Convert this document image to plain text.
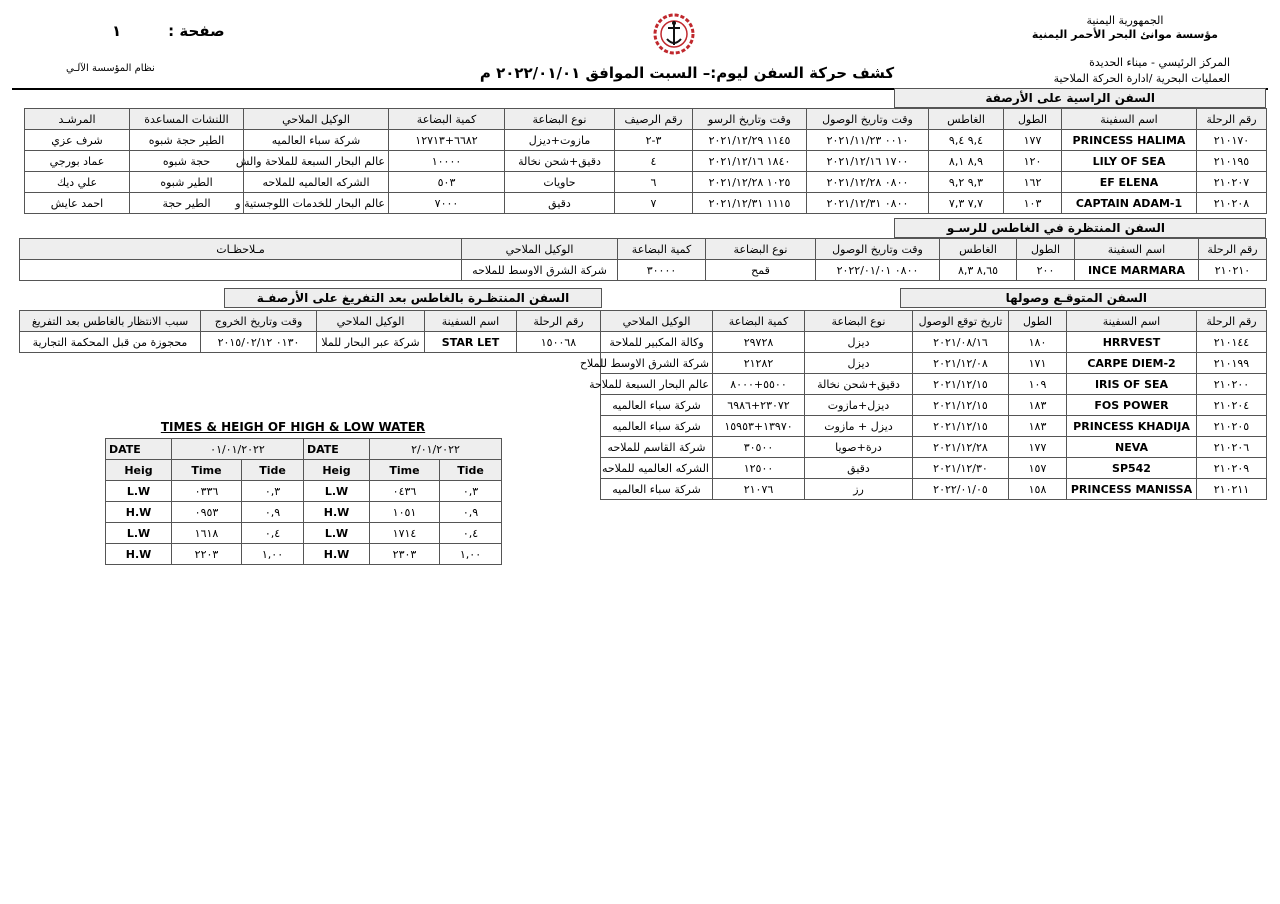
الجمهورية اليمنية
مؤسسة موانئ البحر الأحمر اليمنية
المركز الرئيسي - ميناء الحديدة
العمليات البحرية /ادارة الحركة الملاحية
صفحة :         ١
نظام المؤسسة الآلـي	كشف حركة السفن ليوم:– السبت الموافق ٢٠٢٢/٠١/٠١ م
السفن الراسية على الأرصفة
رقم الرحلة	اسم السفينة	الطول	الغاطس	وقت وتاريخ الوصول	وقت وتاريخ الرسو	رقم الرصيف	نوع البضاعة	كمية البضاعة	الوكيل الملاحي	اللنشات المساعدة	المرشـد
٢١٠١٧٠	PRINCESS HALIMA	١٧٧	٩,٤ ٩,٤	٠٠١٠ ٢٠٢١/١١/٢٣	١١٤٥ ٢٠٢١/١٢/٢٩	٣-٢	مازوت+ديزل	٦٦٨٢+١٢٧١٣	شركة سباء العالميه	الطير حجة شبوه	شرف عزي
٢١٠١٩٥	LILY OF SEA	١٢٠	٨,٩ ٨,١	١٧٠٠ ٢٠٢١/١٢/١٦	١٨٤٠ ٢٠٢١/١٢/١٦	٤	دقيق+شحن نخالة	١٠٠٠٠	عالم البحار السبعة للملاحة والش	حجة شبوه	عماد بورجي
٢١٠٢٠٧	EF ELENA	١٦٢	٩,٣ ٩,٢	٠٨٠٠ ٢٠٢١/١٢/٢٨	١٠٢٥ ٢٠٢١/١٢/٢٨	٦	حاويات	٥٠٣	الشركه العالميه للملاحه	الطير شبوه	علي ديك
٢١٠٢٠٨	CAPTAIN ADAM-1	١٠٣	٧,٧ ٧,٣	٠٨٠٠ ٢٠٢١/١٢/٣١	١١١٥ ٢٠٢١/١٢/٣١	٧	دقيق	٧٠٠٠	عالم البحار للخدمات اللوجستية و	الطير حجة	احمد عايش
السفن المنتظرة في الغاطس للرسـو
رقم الرحلة	اسم السفينة	الطول	الغاطس	وقت وتاريخ الوصول	نوع البضاعة	كمية البضاعة	الوكيل الملاحي	مـلاحظـات
٢١٠٢١٠	INCE MARMARA	٢٠٠	٨,٦٥ ٨,٣	٠٨٠٠ ٢٠٢٢/٠١/٠١	قمح	٣٠٠٠٠	شركة الشرق الاوسط للملاحه	
السفن المنتظـرة بالغاطس بعد التفريغ على الأرصفـة
رقم الرحلة	اسم السفينة	الوكيل الملاحي	وقت وتاريخ الخروج	سبب الانتظار بالغاطس بعد التفريغ
١٥٠٠٦٨	STAR LET	شركة عبر البحار للملا	٠١٣٠ ٢٠١٥/٠٢/١٢	محجوزة من قبل المحكمة التجارية
السفن المتوقـع وصولها
رقم الرحلة	اسم السفينة	الطول	تاريخ توقع الوصول	نوع البضاعة	كمية البضاعة	الوكيل الملاحي
٢١٠١٤٤	HRRVEST	١٨٠	٢٠٢١/٠٨/١٦	ديزل	٢٩٧٢٨	وكالة المكبير للملاحة
٢١٠١٩٩	CARPE DIEM-2	١٧١	٢٠٢١/١٢/٠٨	ديزل	٢١٢٨٢	شركة الشرق الاوسط للملاح
٢١٠٢٠٠	IRIS OF SEA	١٠٩	٢٠٢١/١٢/١٥	دقيق+شحن نخالة	٥٥٠٠+٨٠٠٠	عالم البحار السبعة للملاحة
٢١٠٢٠٤	FOS POWER	١٨٣	٢٠٢١/١٢/١٥	ديزل+مازوت	٢٣٠٧٢+٦٩٨٦	شركة سباء العالميه
٢١٠٢٠٥	PRINCESS KHADIJA	١٨٣	٢٠٢١/١٢/١٥	ديزل + مازوت	١٣٩٧٠+١٥٩٥٣	شركة سباء العالميه
٢١٠٢٠٦	NEVA	١٧٧	٢٠٢١/١٢/٢٨	درة+صويا	٣٠٥٠٠	شركة القاسم للملاحه
٢١٠٢٠٩	SP542	١٥٧	٢٠٢١/١٢/٣٠	دقيق	١٢٥٠٠	الشركه العالميه للملاحه
٢١٠٢١١	PRINCESS MANISSA	١٥٨	٢٠٢٢/٠١/٠٥	رز	٢١٠٧٦	شركة سباء العالميه
TIMES & HEIGH OF HIGH & LOW WATER
DATE	٠١/٠١/٢٠٢٢	
Heig	Time	Tide
L.W	٠٣٣٦	٠,٣
H.W	٠٩٥٣	٠,٩
L.W	١٦١٨	٠,٤
H.W	٢٢٠٣	١,٠٠
DATE	٢/٠١/٢٠٢٢	
Heig	Time	Tide
L.W	٠٤٣٦	٠,٣
H.W	١٠٥١	٠,٩
L.W	١٧١٤	٠,٤
H.W	٢٣٠٣	١,٠٠
